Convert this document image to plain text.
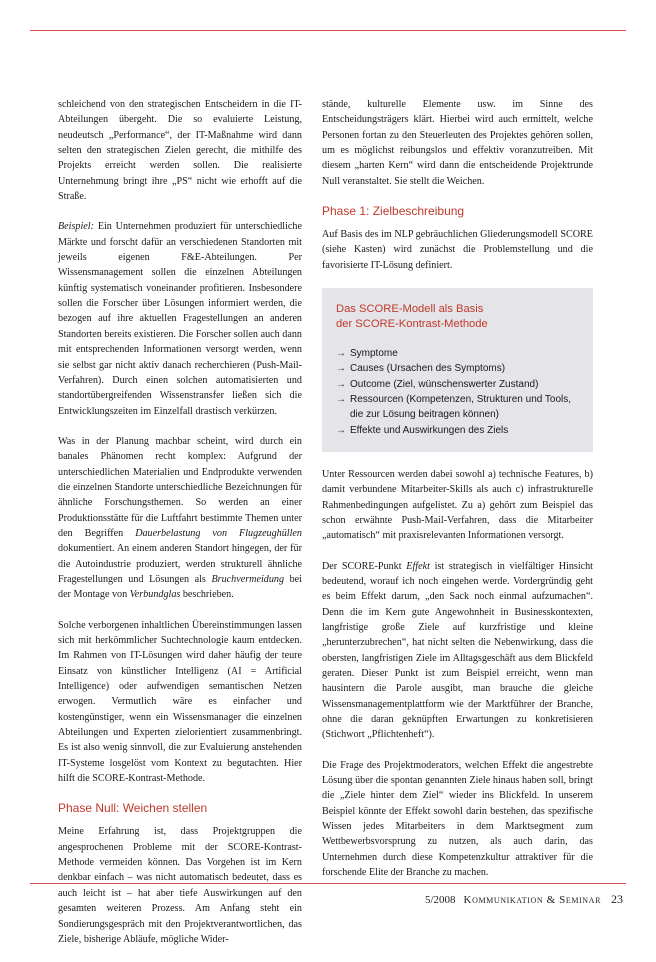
schleichend von den strategischen Entscheidern in die IT-Abteilungen übergeht. Die so evaluierte Leistung, neudeutsch „Performance“, der IT-Maßnahme wird dann selten den strategischen Zielen gerecht, die mithilfe des Projekts erreicht werden sollen. Die realisierte Unternehmung bringt ihre „PS“ nicht wie erhofft auf die Straße.

Beispiel: Ein Unternehmen produziert für unterschiedliche Märkte und forscht dafür an verschiedenen Standorten mit jeweils eigenen F&E-Abteilungen. Per Wissensmanagement sollen die einzelnen Abteilungen künftig systematisch voneinander profitieren. Insbesondere sollen die Forscher über Lösungen informiert werden, die bezogen auf ihre aktuellen Fragestellungen an anderen Standorten bereits existieren. Die Forscher sollen auch dann mit entsprechenden Informationen versorgt werden, wenn sie selbst gar nicht aktiv danach recherchieren (Push-Mail-Verfahren). Durch einen solchen automatisierten und standortübergreifenden Wissenstransfer ließen sich die Entwicklungszeiten im Einzelfall drastisch verkürzen.

Was in der Planung machbar scheint, wird durch ein banales Phänomen recht komplex: Aufgrund der unterschiedlichen Materialien und Endprodukte verwenden die einzelnen Standorte unterschiedliche Bezeichnungen für ähnliche Forschungsthemen. So werden an einer Produktionsstätte für die Luftfahrt bestimmte Themen unter den Begriffen Dauerbelastung von Flugzeughüllen dokumentiert. An einem anderen Standort hingegen, der für die Autoindustrie produziert, werden strukturell ähnliche Fragestellungen und Lösungen als Bruchvermeidung bei der Montage von Verbundglas beschrieben.

Solche verborgenen inhaltlichen Übereinstimmungen lassen sich mit herkömmlicher Suchtechnologie kaum entdecken. Im Rahmen von IT-Lösungen wird daher häufig der teure Einsatz von künstlicher Intelligenz (AI = Artificial Intelligence) oder aufwendigen semantischen Netzen erwogen. Vermutlich wäre es einfacher und kostengünstiger, wenn ein Wissensmanager die einzelnen Abteilungen und Experten zielorientiert zusammenbringt. Es ist also wenig sinnvoll, die zur Evaluierung anstehenden IT-Systeme losgelöst vom Kontext zu begutachten. Hier hilft die SCORE-Kontrast-Methode.

Phase Null: Weichen stellen

Meine Erfahrung ist, dass Projektgruppen die angesprochenen Probleme mit der SCORE-Kontrast-Methode vermeiden können. Das Vorgehen ist im Kern denkbar einfach – was nicht automatisch bedeutet, dass es auch leicht ist – hat aber tiefe Auswirkungen auf den gesamten weiteren Prozess. Am Anfang steht ein Sondierungsgespräch mit den Projektverantwortlichen, das Ziele, bisherige Abläufe, mögliche Wider-

stände, kulturelle Elemente usw. im Sinne des Entscheidungsträgers klärt. Hierbei wird auch ermittelt, welche Personen fortan zu den Steuerleuten des Projektes gehören sollen, um es möglichst reibungslos und effektiv voranzutreiben. Mit diesem „harten Kern“ wird dann die entscheidende Projektrunde Null veranstaltet. Sie stellt die Weichen.

Phase 1: Zielbeschreibung

Auf Basis des im NLP gebräuchlichen Gliederungsmodell SCORE (siehe Kasten) wird zunächst die Problemstellung und die favorisierte IT-Lösung definiert.

Das SCORE-Modell als Basis
der SCORE-Kontrast-Methode
→ Symptome
→ Causes (Ursachen des Symptoms)
→ Outcome (Ziel, wünschenswerter Zustand)
→ Ressourcen (Kompetenzen, Strukturen und Tools, die zur Lösung beitragen können)
→ Effekte und Auswirkungen des Ziels

Unter Ressourcen werden dabei sowohl a) technische Features, b) damit verbundene Mitarbeiter-Skills als auch c) infrastrukturelle Rahmenbedingungen aufgelistet. Zu a) gehört zum Beispiel das schon erwähnte Push-Mail-Verfahren, dass die Mitarbeiter „automatisch“ mit praxisrelevanten Informationen versorgt.

Der SCORE-Punkt Effekt ist strategisch in vielfältiger Hinsicht bedeutend, worauf ich noch eingehen werde. Vordergründig geht es beim Effekt darum, „den Sack noch einmal aufzumachen“. Denn die im Kern gute Angewohnheit in Businesskontexten, langfristige große Ziele auf kurzfristige und kleine „herunterzubrechen“, hat nicht selten die Nebenwirkung, dass die obersten, langfristigen Ziele im Alltagsgeschäft aus dem Blickfeld geraten. Dieser Punkt ist zum Beispiel erreicht, wenn man hausintern die Parole ausgibt, man brauche die gleiche Wissensmanagementplattform wie der Marktführer der Branche, ohne die daran geknüpften Erwartungen zu konkretisieren (Stichwort „Pflichtenheft“).

Die Frage des Projektmoderators, welchen Effekt die angestrebte Lösung über die spontan genannten Ziele hinaus haben soll, bringt die „Ziele hinter dem Ziel“ wieder ins Blickfeld. In unserem Beispiel könnte der Effekt sowohl darin bestehen, das spezifische Wissen jedes Mitarbeiters in dem Marktsegment zum Wettbewerbsvorsprung zu nutzen, als auch darin, das Unternehmen durch diese Kompetenzkultur attraktiver für die forschende Elite der Branche zu machen.

5/2008 Kommunikation & Seminar 23
